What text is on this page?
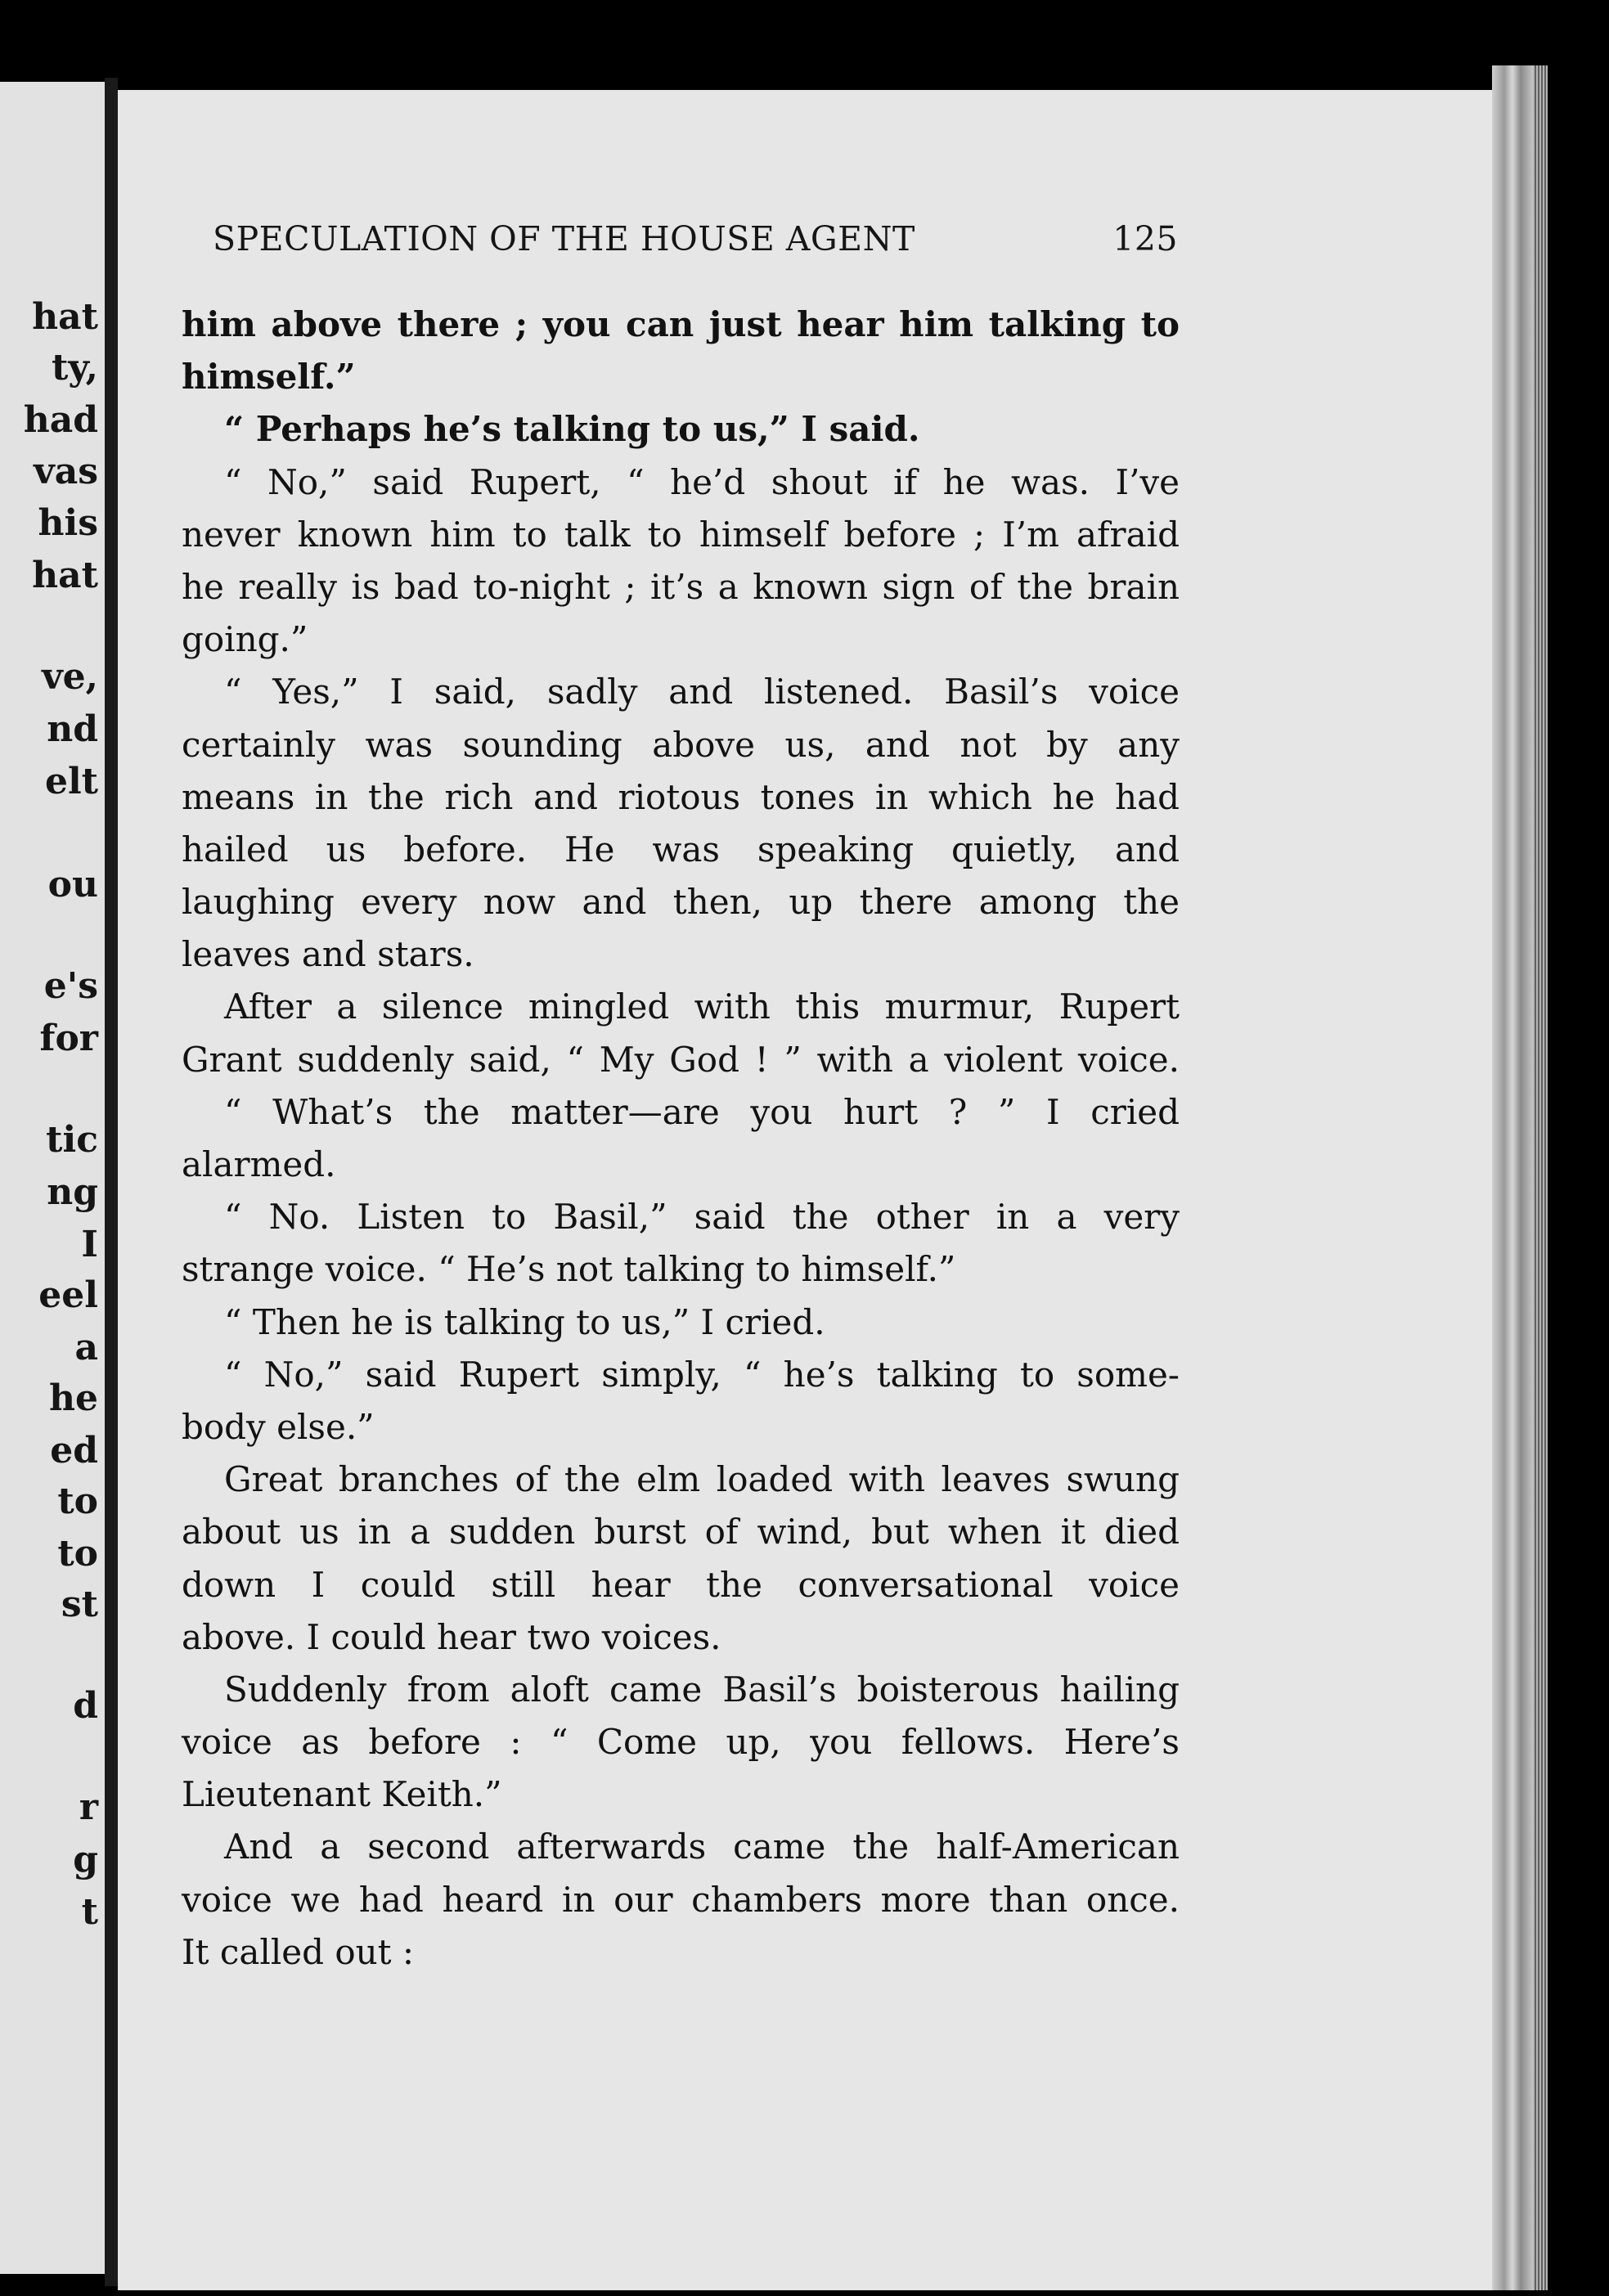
hat
ty,
had
vas
his
hat
ve,
nd
elt
ou
e's
for
tic
ng
I
eel
a
he
ed
to
to
st
d
r
g
t
SPECULATION OF THE HOUSE AGENT	125
him above there ; you can just hear him talking to
himself.”
“ Perhaps he’s talking to us,” I said.
“ No,” said Rupert, “ he’d shout if he was. I’ve
never known him to talk to himself before ; I’m afraid
he really is bad to-night ; it’s a known sign of the brain
going.”
“ Yes,” I said, sadly and listened. Basil’s voice
certainly was sounding above us, and not by any
means in the rich and riotous tones in which he had
hailed us before. He was speaking quietly, and
laughing every now and then, up there among the
leaves and stars.
After a silence mingled with this murmur, Rupert
Grant suddenly said, “ My God ! ” with a violent voice.
“ What’s the matter—are you hurt ? ” I cried
alarmed.
“ No. Listen to Basil,” said the other in a very
strange voice. “ He’s not talking to himself.”
“ Then he is talking to us,” I cried.
“ No,” said Rupert simply, “ he’s talking to some-
body else.”
Great branches of the elm loaded with leaves swung
about us in a sudden burst of wind, but when it died
down I could still hear the conversational voice
above. I could hear two voices.
Suddenly from aloft came Basil’s boisterous hailing
voice as before : “ Come up, you fellows. Here’s
Lieutenant Keith.”
And a second afterwards came the half-American
voice we had heard in our chambers more than once.
It called out :
